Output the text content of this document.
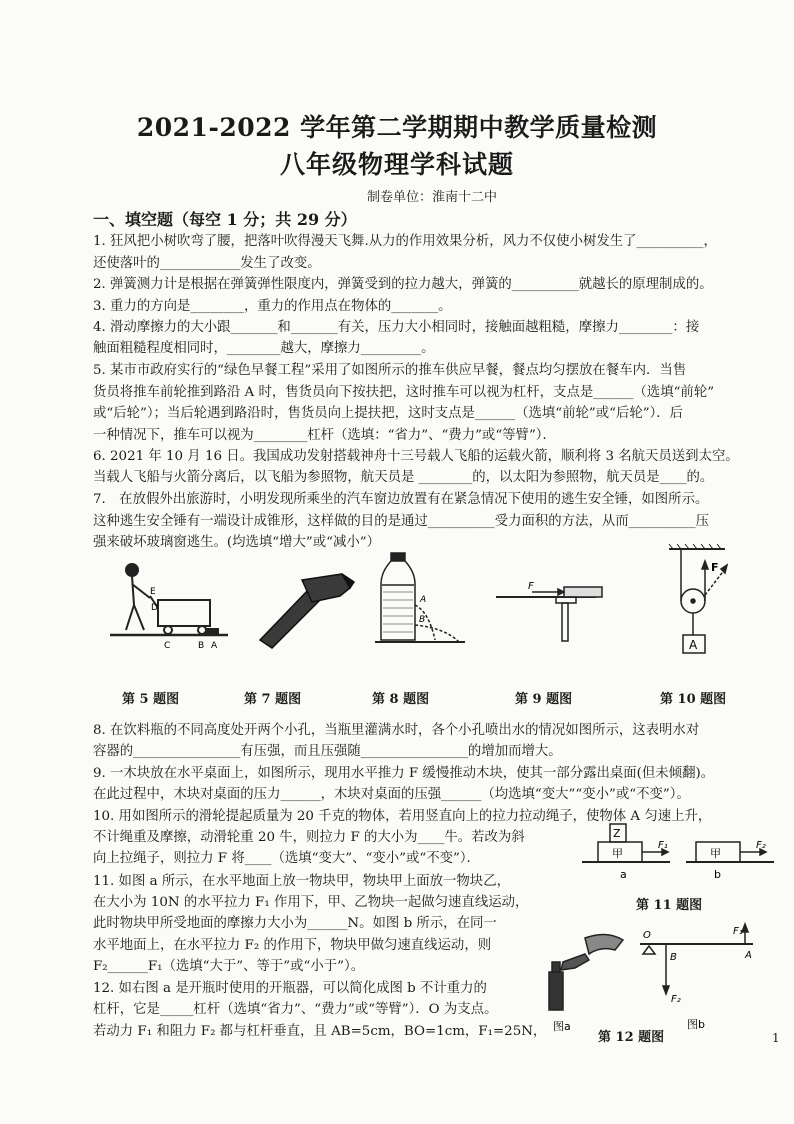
2021-2022 学年第二学期期中教学质量检测
八年级物理学科试题
制卷单位：淮南十二中
一、填空题（每空 1 分；共 29 分）
1. 狂风把小树吹弯了腰，把落叶吹得漫天飞舞.从力的作用效果分析，风力不仅使小树发生了__________，
还使落叶的____________发生了改变。
2. 弹簧测力计是根据在弹簧弹性限度内，弹簧受到的拉力越大，弹簧的__________就越长的原理制成的。
3. 重力的方向是________，重力的作用点在物体的_______。
4. 滑动摩擦力的大小跟_______和_______有关，压力大小相同时，接触面越粗糙，摩擦力________：接
触面粗糙程度相同时，________越大，摩擦力_________。
5. 某市市政府实行的“绿色早餐工程”采用了如图所示的推车供应早餐，餐点均匀摆放在餐车内．当售
货员将推车前轮推到路沿 A 时，售货员向下按扶把，这时推车可以视为杠杆，支点是______（选填“前轮”
或“后轮”）；当后轮遇到路沿时，售货员向上提扶把，这时支点是______（选填“前轮”或“后轮”）．后
一种情况下，推车可以视为________杠杆（选填：“省力”、“费力”或“等臂”）．
6. 2021 年 10 月 16 日。我国成功发射搭载神舟十三号载人飞船的运载火箭，顺利将 3 名航天员送到太空。
当载人飞船与火箭分离后，以飞船为参照物，航天员是 ________的，以太阳为参照物，航天员是____的。
7.　在放假外出旅游时，小明发现所乘坐的汽车窗边放置有在紧急情况下使用的逃生安全锤，如图所示。
这种逃生安全锤有一端设计成锥形，这样做的目的是通过__________受力面积的方法，从而__________压
强来破坏玻璃窗逃生。(均选填“增大”或“减小”）
E
D
C	B A
A
B
F
F
A
第 5 题图	第 7 题图	第 8 题图	第 9 题图	第 10 题图
8. 在饮料瓶的不同高度处开两个小孔，当瓶里灌满水时，各个小孔喷出水的情况如图所示，这表明水对
容器的________________有压强，而且压强随________________的增加而增大。
9. 一木块放在水平桌面上，如图所示，现用水平推力 F 缓慢推动木块，使其一部分露出桌面(但未倾翻)。
在此过程中，木块对桌面的压力______，木块对桌面的压强______（均选填“变大”“变小”或“不变”）。
10. 用如图所示的滑轮提起质量为 20 千克的物体，若用竖直向上的拉力拉动绳子，使物体 A 匀速上升，
不计绳重及摩擦，动滑轮重 20 牛，则拉力 F 的大小为____牛。若改为斜
向上拉绳子，则拉力 F 将____（选填“变大”、“变小”或“不变”）．
11. 如图 a 所示，在水平地面上放一物块甲，物块甲上面放一物块乙，
在大小为 10N 的水平拉力 F₁ 作用下，甲、乙物块一起做匀速直线运动，
此时物块甲所受地面的摩擦力大小为______N。如图 b 所示，在同一
水平地面上，在水平拉力 F₂ 的作用下，物块甲做匀速直线运动，则
F₂______F₁（选填“大于”、等于”或“小于”）。
12. 如右图 a 是开瓶时使用的开瓶器，可以简化成图 b 不计重力的
杠杆，它是_____杠杆（选填“省力”、“费力”或“等臂”）．O 为支点。
若动力 F₁ 和阻力 F₂ 都与杠杆垂直，且 AB=5cm，BO=1cm，F₁=25N，
Z
甲	甲
F₁	F₂
a	b
第 11 题图
O
B	A
F₁
F₂
图a	图b
第 12 题图	1
